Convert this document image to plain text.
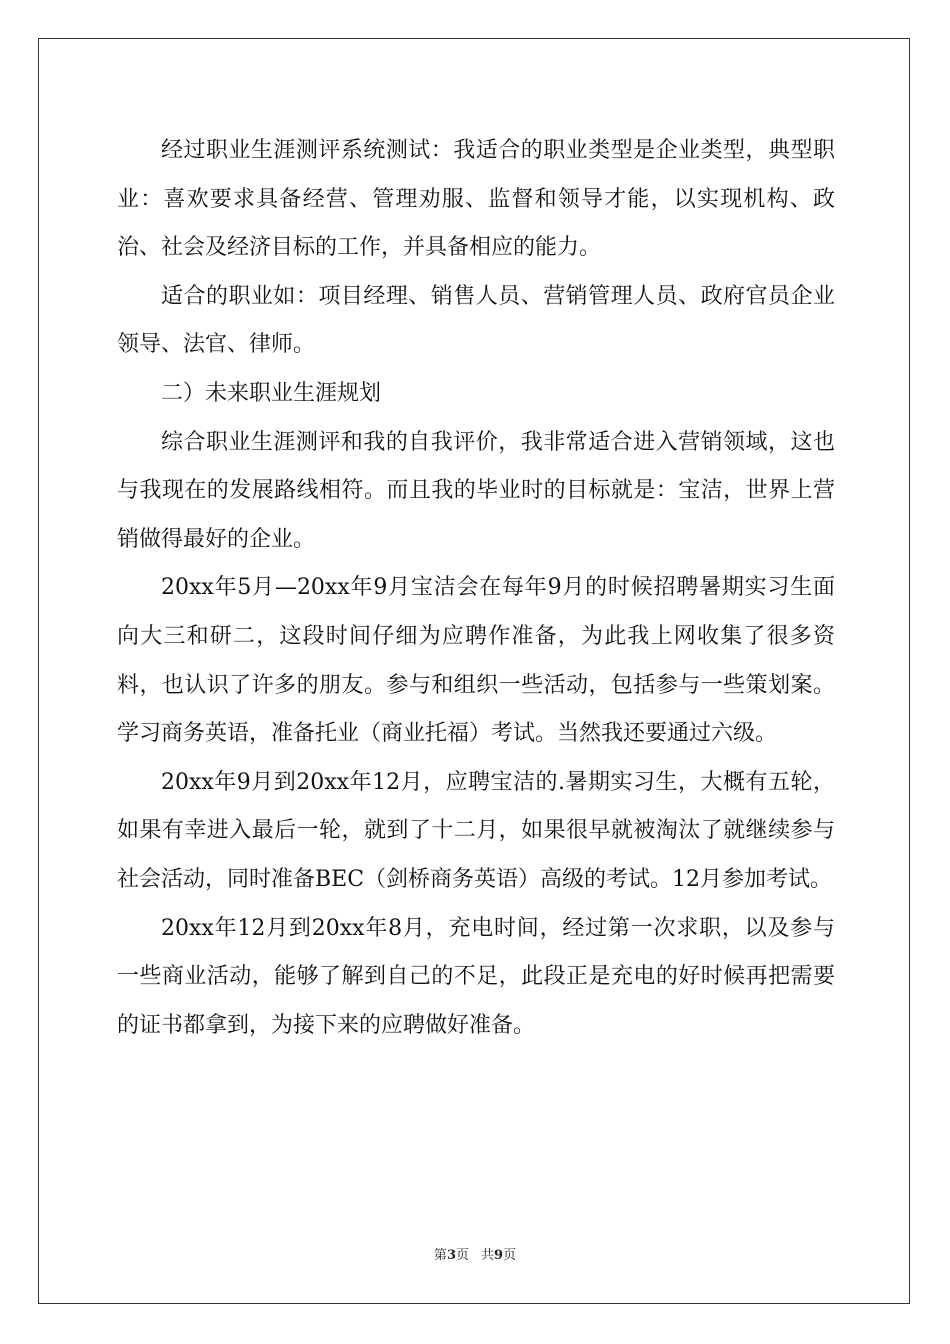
经过职业生涯测评系统测试：我适合的职业类型是企业类型，典型职业：喜欢要求具备经营、管理劝服、监督和领导才能，以实现机构、政治、社会及经济目标的工作，并具备相应的能力。

适合的职业如：项目经理、销售人员、营销管理人员、政府官员企业领导、法官、律师。

二）未来职业生涯规划

综合职业生涯测评和我的自我评价，我非常适合进入营销领域，这也与我现在的发展路线相符。而且我的毕业时的目标就是：宝洁，世界上营销做得最好的企业。

20xx年5月—20xx年9月宝洁会在每年9月的时候招聘暑期实习生面向大三和研二，这段时间仔细为应聘作准备，为此我上网收集了很多资料，也认识了许多的朋友。参与和组织一些活动，包括参与一些策划案。学习商务英语，准备托业（商业托福）考试。当然我还要通过六级。

20xx年9月到20xx年12月，应聘宝洁的.暑期实习生，大概有五轮，如果有幸进入最后一轮，就到了十二月，如果很早就被淘汰了就继续参与社会活动，同时准备BEC（剑桥商务英语）高级的考试。12月参加考试。

20xx年12月到20xx年8月，充电时间，经过第一次求职，以及参与一些商业活动，能够了解到自己的不足，此段正是充电的好时候再把需要的证书都拿到，为接下来的应聘做好准备。

第3页 共9页
